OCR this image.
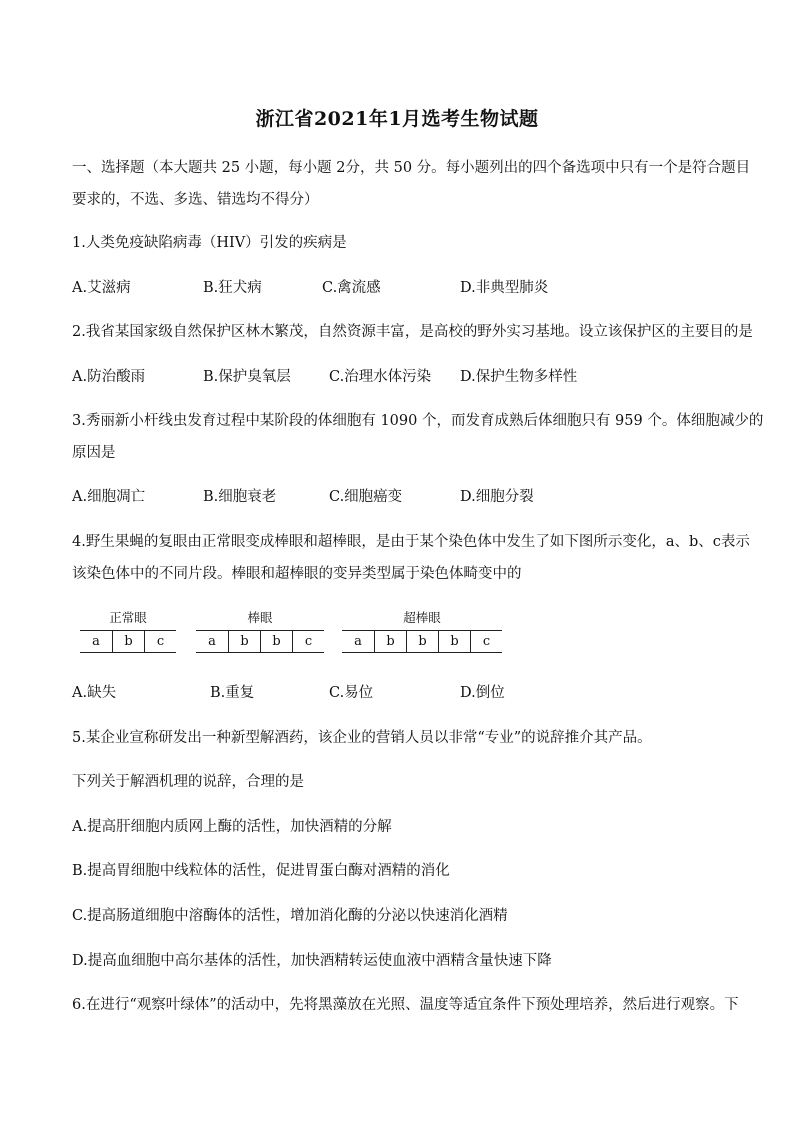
浙江省2021年1月选考生物试题
一、选择题（本大题共 25 小题，每小题 2分，共 50 分。每小题列出的四个备选项中只有一个是符合题目
要求的，不选、多选、错选均不得分）
1.人类免疫缺陷病毒（HIV）引发的疾病是
A.艾滋病	B.狂犬病	C.禽流感	D.非典型肺炎
2.我省某国家级自然保护区林木繁茂，自然资源丰富，是高校的野外实习基地。设立该保护区的主要目的是
A.防治酸雨	B.保护臭氧层	C.治理水体污染 D.保护生物多样性
3.秀丽新小杆线虫发育过程中某阶段的体细胞有 1090 个，而发育成熟后体细胞只有 959 个。体细胞减少的
原因是
A.细胞凋亡	B.细胞衰老	C.细胞癌变	D.细胞分裂
4.野生果蝇的复眼由正常眼变成棒眼和超棒眼，是由于某个染色体中发生了如下图所示变化，a、b、c表示
该染色体中的不同片段。棒眼和超棒眼的变异类型属于染色体畸变中的
正常眼
a	b	c
棒眼
a	b	b	c
超棒眼
a	b	b	b	c
A.缺失	B.重复	C.易位	D.倒位
5.某企业宣称研发出一种新型解酒药，该企业的营销人员以非常“专业”的说辞推介其产品。
下列关于解酒机理的说辞，合理的是
A.提高肝细胞内质网上酶的活性，加快酒精的分解
B.提高胃细胞中线粒体的活性，促进胃蛋白酶对酒精的消化
C.提高肠道细胞中溶酶体的活性，增加消化酶的分泌以快速消化酒精
D.提高血细胞中高尔基体的活性，加快酒精转运使血液中酒精含量快速下降
6.在进行“观察叶绿体”的活动中，先将黑藻放在光照、温度等适宜条件下预处理培养，然后进行观察。下
